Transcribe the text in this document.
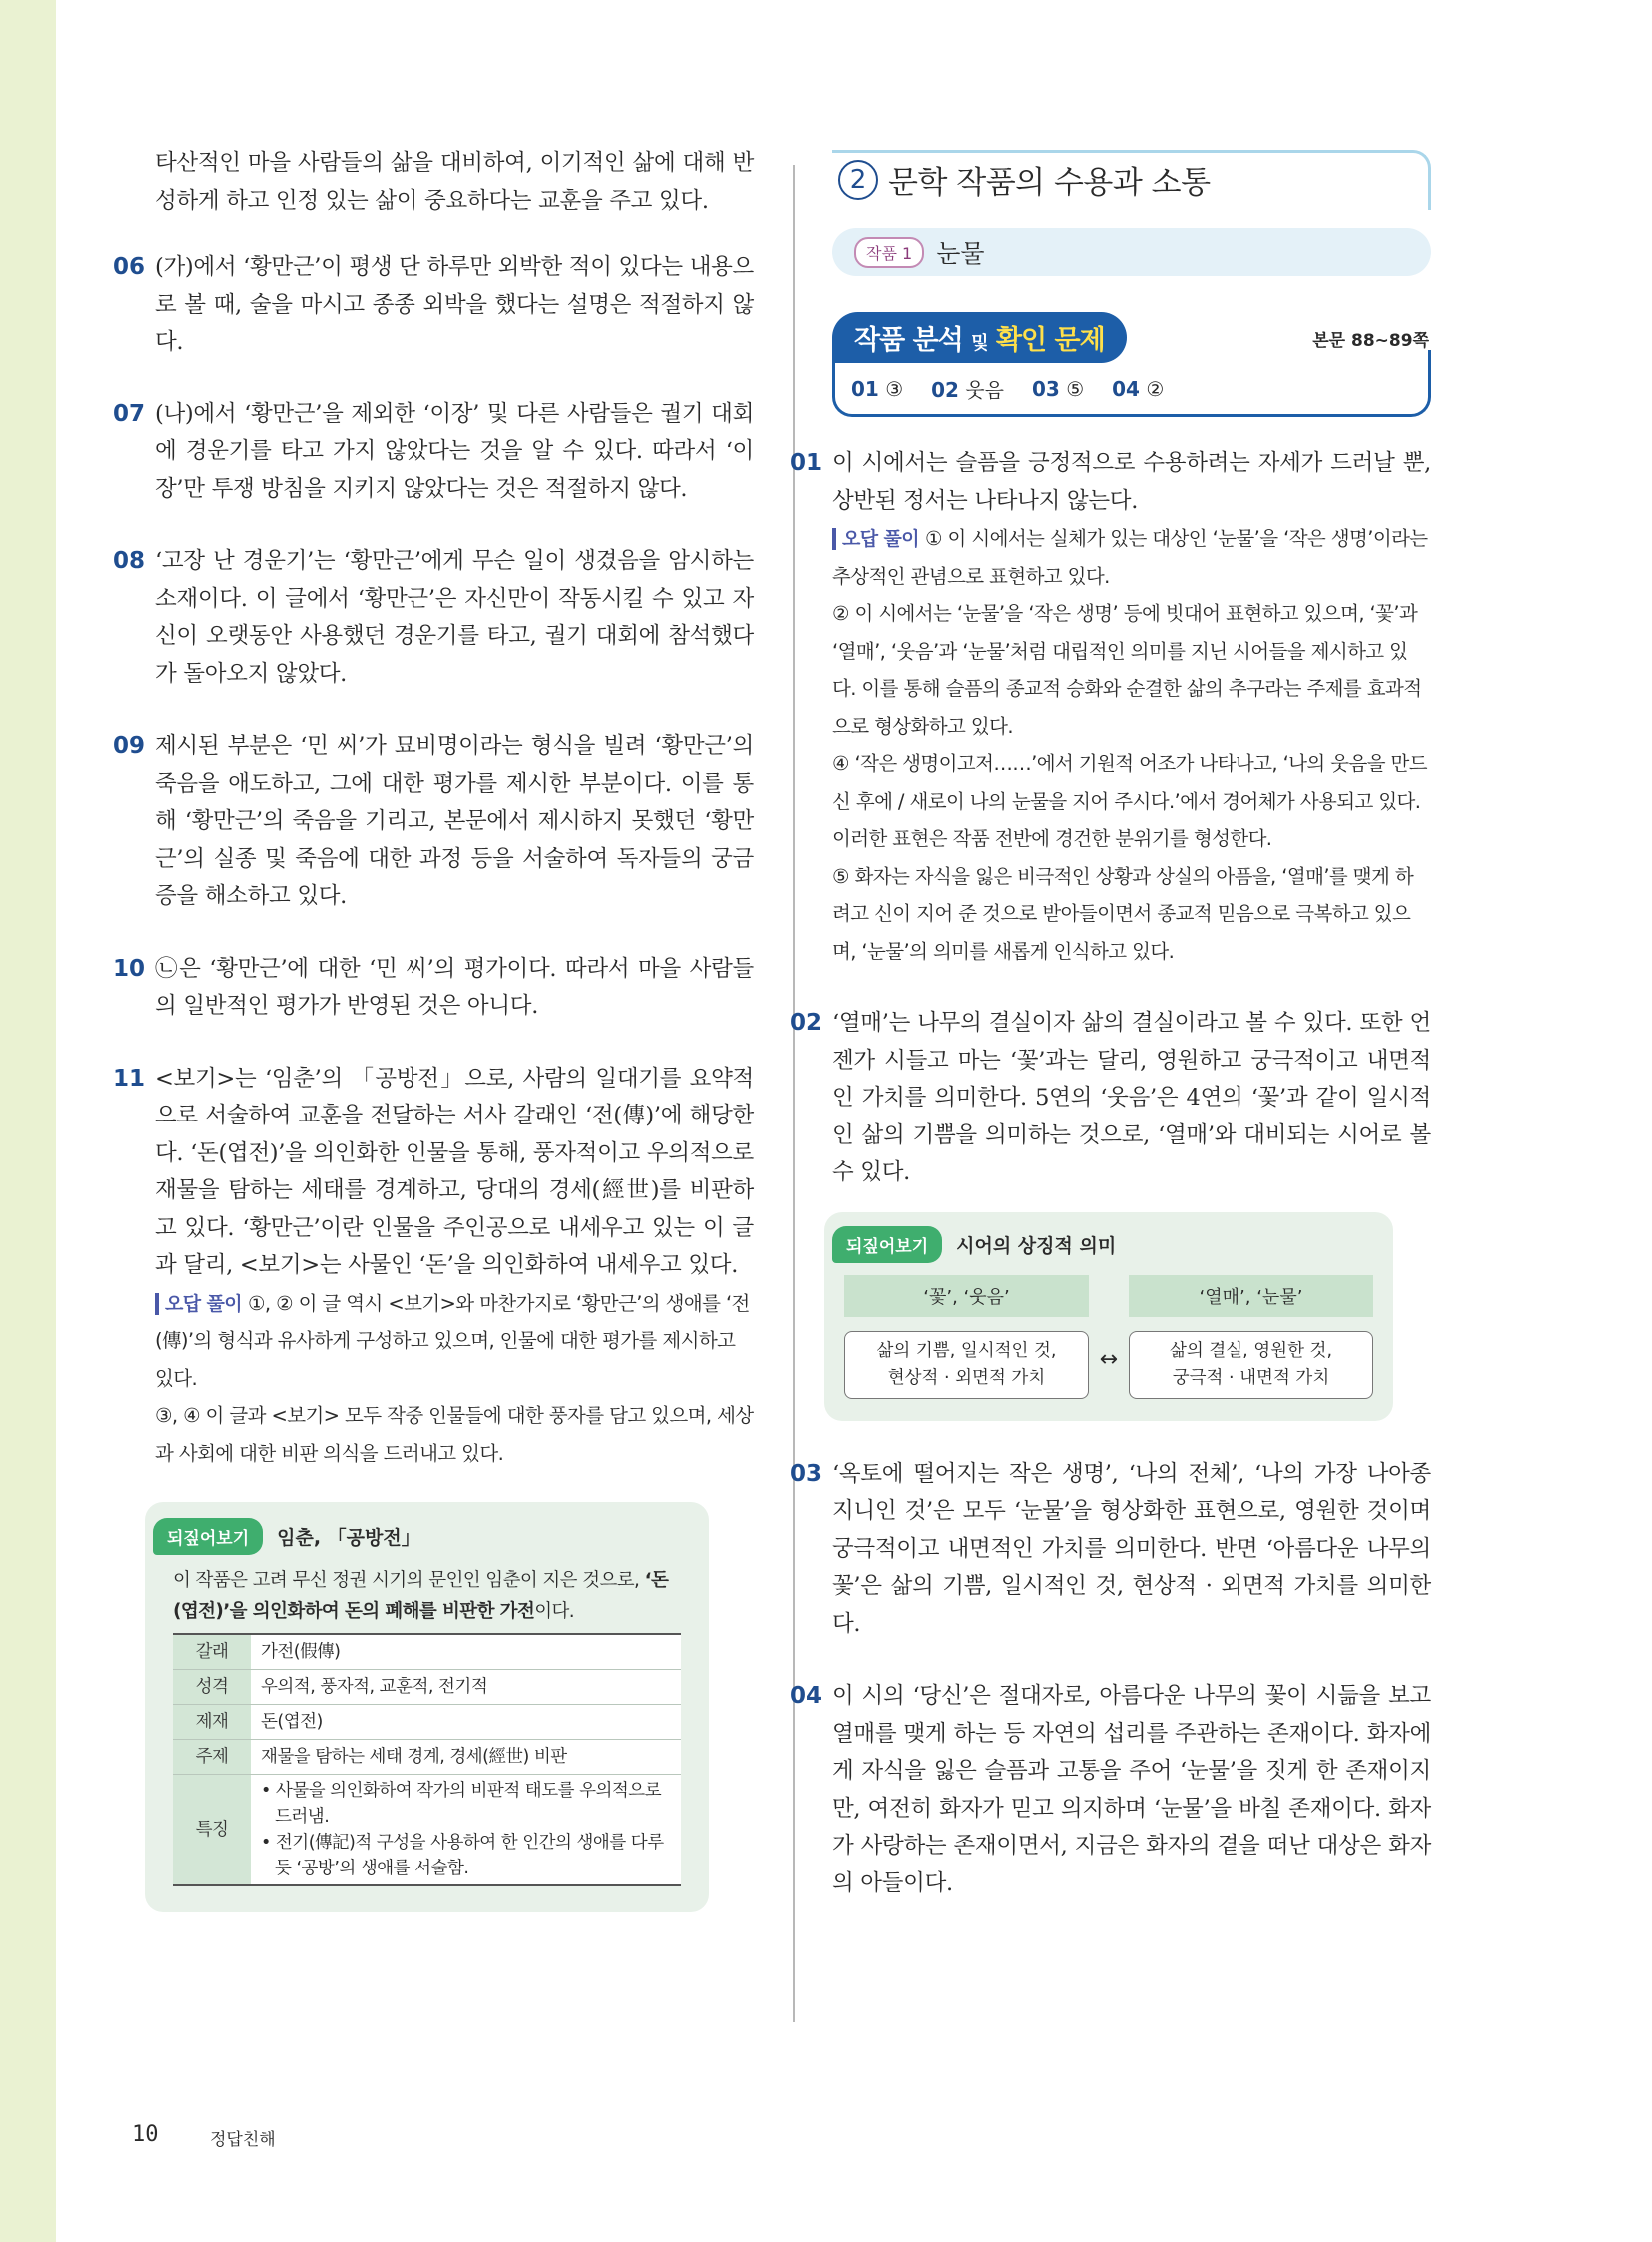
타산적인 마을 사람들의 삶을 대비하여, 이기적인 삶에 대해 반성하게 하고 인정 있는 삶이 중요하다는 교훈을 주고 있다.

06 (가)에서 ‘황만근’이 평생 단 하루만 외박한 적이 있다는 내용으로 볼 때, 술을 마시고 종종 외박을 했다는 설명은 적절하지 않다.

07 (나)에서 ‘황만근’을 제외한 ‘이장’ 및 다른 사람들은 궐기 대회에 경운기를 타고 가지 않았다는 것을 알 수 있다. 따라서 ‘이장’만 투쟁 방침을 지키지 않았다는 것은 적절하지 않다.

08 ‘고장 난 경운기’는 ‘황만근’에게 무슨 일이 생겼음을 암시하는 소재이다. 이 글에서 ‘황만근’은 자신만이 작동시킬 수 있고 자신이 오랫동안 사용했던 경운기를 타고, 궐기 대회에 참석했다가 돌아오지 않았다.

09 제시된 부분은 ‘민 씨’가 묘비명이라는 형식을 빌려 ‘황만근’의 죽음을 애도하고, 그에 대한 평가를 제시한 부분이다. 이를 통해 ‘황만근’의 죽음을 기리고, 본문에서 제시하지 못했던 ‘황만근’의 실종 및 죽음에 대한 과정 등을 서술하여 독자들의 궁금증을 해소하고 있다.

10 ㉡은 ‘황만근’에 대한 ‘민 씨’의 평가이다. 따라서 마을 사람들의 일반적인 평가가 반영된 것은 아니다.

11 <보기>는 ‘임춘’의 「공방전」으로, 사람의 일대기를 요약적으로 서술하여 교훈을 전달하는 서사 갈래인 ‘전(傳)’에 해당한다. ‘돈(엽전)’을 의인화한 인물을 통해, 풍자적이고 우의적으로 재물을 탐하는 세태를 경계하고, 당대의 경세(經世)를 비판하고 있다. ‘황만근’이란 인물을 주인공으로 내세우고 있는 이 글과 달리, <보기>는 사물인 ‘돈’을 의인화하여 내세우고 있다.

오답 풀이 ①, ② 이 글 역시 <보기>와 마찬가지로 ‘황만근’의 생애를 ‘전(傳)’의 형식과 유사하게 구성하고 있으며, 인물에 대한 평가를 제시하고 있다.

③, ④ 이 글과 <보기> 모두 작중 인물들에 대한 풍자를 담고 있으며, 세상과 사회에 대한 비판 의식을 드러내고 있다.

되짚어보기	임춘, 「공방전」

이 작품은 고려 무신 정권 시기의 문인인 임춘이 지은 것으로, ‘돈(엽전)’을 의인화하여 돈의 폐해를 비판한 가전이다.

갈래	가전(假傳)
성격	우의적, 풍자적, 교훈적, 전기적
제재	돈(엽전)
주제	재물을 탐하는 세태 경계, 경세(經世) 비판
특징	• 사물을 의인화하여 작가의 비판적 태도를 우의적으로 드러냄.
• 전기(傳記)적 구성을 사용하여 한 인간의 생애를 다루듯 ‘공방’의 생애를 서술함.
2 문학 작품의 수용과 소통
작품 1 눈물
01 ③ 02 웃음 03 ⑤ 04 ②
작품 분석 및 확인 문제	본문 88~89쪽
01 이 시에서는 슬픔을 긍정적으로 수용하려는 자세가 드러날 뿐, 상반된 정서는 나타나지 않는다.

오답 풀이 ① 이 시에서는 실체가 있는 대상인 ‘눈물’을 ‘작은 생명’이라는 추상적인 관념으로 표현하고 있다.

② 이 시에서는 ‘눈물’을 ‘작은 생명’ 등에 빗대어 표현하고 있으며, ‘꽃’과 ‘열매’, ‘웃음’과 ‘눈물’처럼 대립적인 의미를 지닌 시어들을 제시하고 있다. 이를 통해 슬픔의 종교적 승화와 순결한 삶의 추구라는 주제를 효과적으로 형상화하고 있다.

④ ‘작은 생명이고저……’에서 기원적 어조가 나타나고, ‘나의 웃음을 만드신 후에 / 새로이 나의 눈물을 지어 주시다.’에서 경어체가 사용되고 있다. 이러한 표현은 작품 전반에 경건한 분위기를 형성한다.

⑤ 화자는 자식을 잃은 비극적인 상황과 상실의 아픔을, ‘열매’를 맺게 하려고 신이 지어 준 것으로 받아들이면서 종교적 믿음으로 극복하고 있으며, ‘눈물’의 의미를 새롭게 인식하고 있다.

02 ‘열매’는 나무의 결실이자 삶의 결실이라고 볼 수 있다. 또한 언젠가 시들고 마는 ‘꽃’과는 달리, 영원하고 궁극적이고 내면적인 가치를 의미한다. 5연의 ‘웃음’은 4연의 ‘꽃’과 같이 일시적인 삶의 기쁨을 의미하는 것으로, ‘열매’와 대비되는 시어로 볼 수 있다.

되짚어보기	시어의 상징적 의미
‘꽃’, ‘웃음’
삶의 기쁨, 일시적인 것,
현상적 · 외면적 가치
↔
‘열매’, ‘눈물’
삶의 결실, 영원한 것,
궁극적 · 내면적 가치
03 ‘옥토에 떨어지는 작은 생명’, ‘나의 전체’, ‘나의 가장 나아종 지니인 것’은 모두 ‘눈물’을 형상화한 표현으로, 영원한 것이며 궁극적이고 내면적인 가치를 의미한다. 반면 ‘아름다운 나무의 꽃’은 삶의 기쁨, 일시적인 것, 현상적 · 외면적 가치를 의미한다.

04 이 시의 ‘당신’은 절대자로, 아름다운 나무의 꽃이 시듦을 보고 열매를 맺게 하는 등 자연의 섭리를 주관하는 존재이다. 화자에게 자식을 잃은 슬픔과 고통을 주어 ‘눈물’을 짓게 한 존재이지만, 여전히 화자가 믿고 의지하며 ‘눈물’을 바칠 존재이다. 화자가 사랑하는 존재이면서, 지금은 화자의 곁을 떠난 대상은 화자의 아들이다.

10	정답친해
